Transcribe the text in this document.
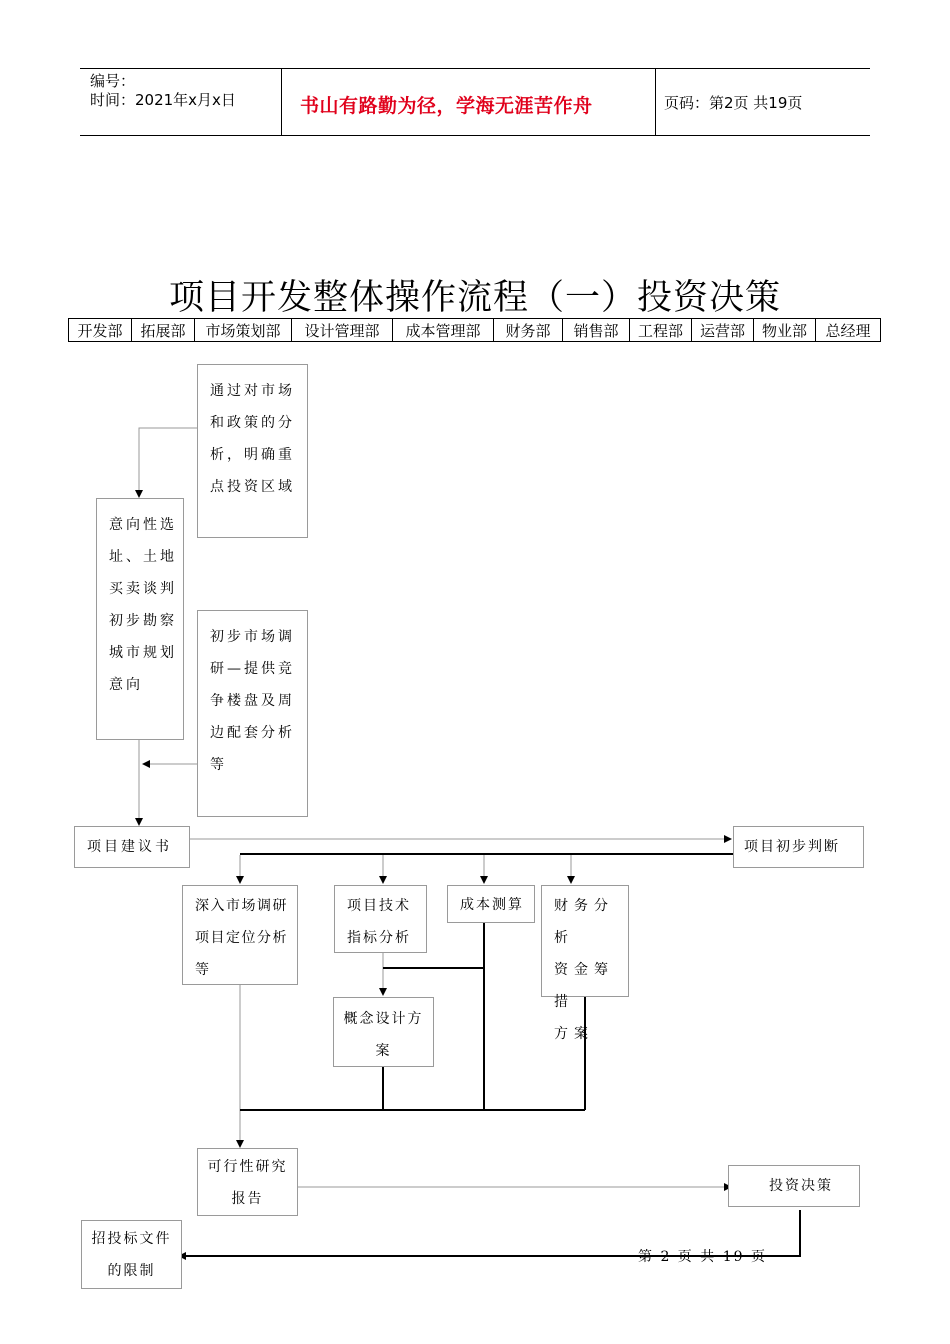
编号：
时间：2021年x月x日	书山有路勤为径，学海无涯苦作舟	页码：第2页 共19页
项目开发整体操作流程（一）投资决策
开发部	拓展部	市场策划部	设计管理部	成本管理部	财务部	销售部	工程部	运营部	物业部	总经理
通过对市场
和政策的分
析，明确重
点投资区域
意向性选
址、土地
买卖谈判
初步勘察
城市规划
意向
初步市场调
研—提供竞
争楼盘及周
边配套分析
等
项目建议书	项目初步判断
深入市场调研
项目定位分析
等
项目技术
指标分析
成本测算	财务分析
资金筹措
方案
概念设计方
案
可行性研究
报告
投资决策
招投标文件
的限制
第 2 页 共 19 页
